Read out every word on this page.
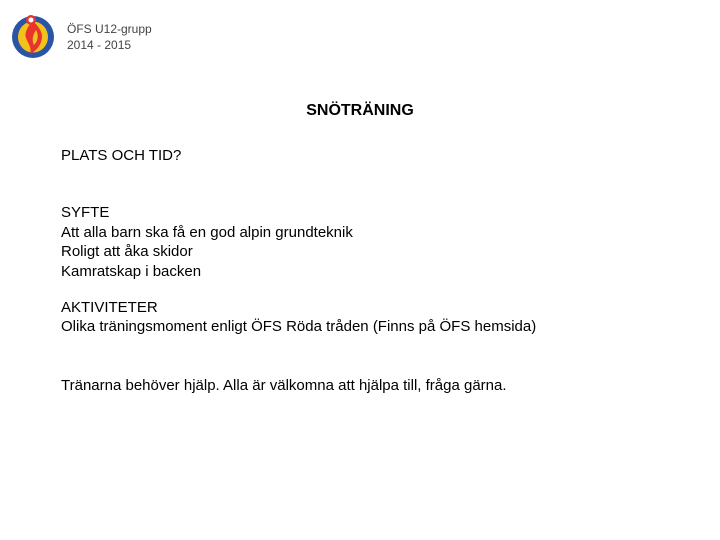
ÖFS U12-grupp
2014 - 2015
SNÖTRÄNING
PLATS OCH TID?
SYFTE
Att alla barn ska få en god alpin grundteknik
Roligt att åka skidor
Kamratskap i backen
AKTIVITETER
Olika träningsmoment enligt ÖFS Röda tråden (Finns på ÖFS hemsida)
Tränarna behöver hjälp. Alla är välkomna att hjälpa till, fråga gärna.
